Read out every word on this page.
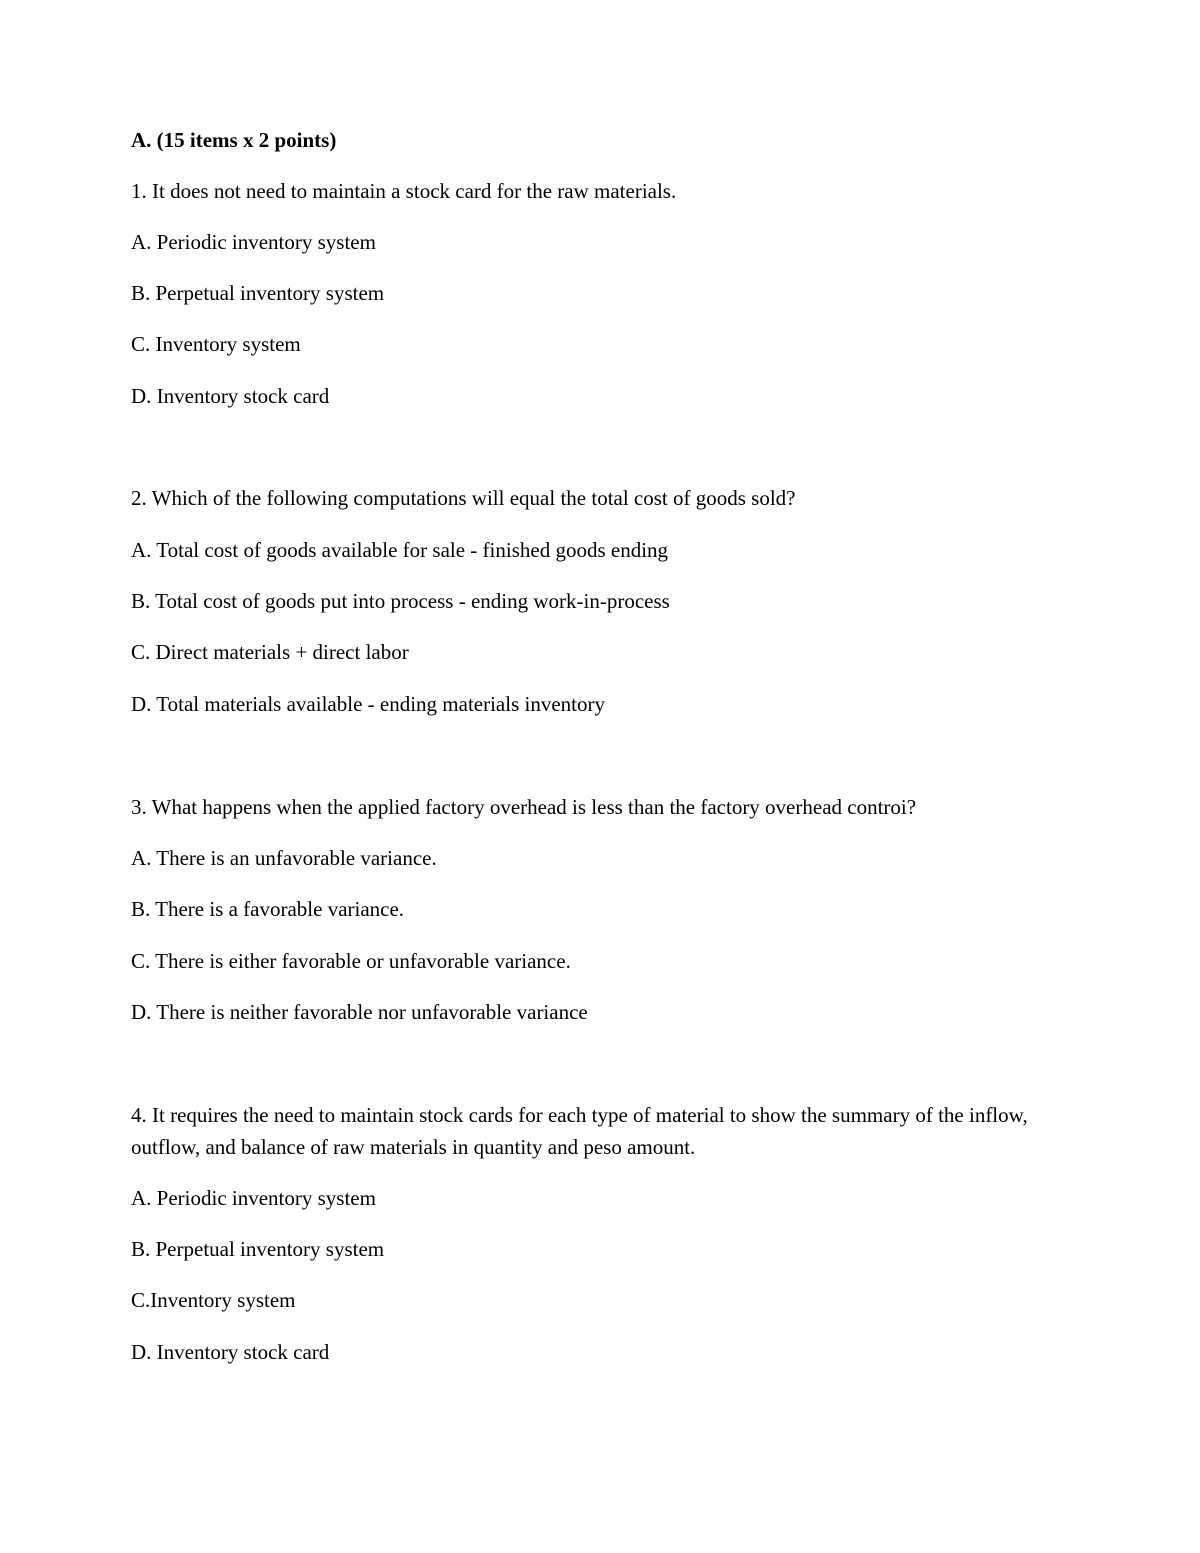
A. (15 items x 2 points)
1. It does not need to maintain a stock card for the raw materials.
A. Periodic inventory system
B. Perpetual inventory system
C. Inventory system
D. Inventory stock card
2. Which of the following computations will equal the total cost of goods sold?
A. Total cost of goods available for sale - finished goods ending
B. Total cost of goods put into process - ending work-in-process
C. Direct materials + direct labor
D. Total materials available - ending materials inventory
3. What happens when the applied factory overhead is less than the factory overhead controi?
A. There is an unfavorable variance.
B. There is a favorable variance.
C. There is either favorable or unfavorable variance.
D. There is neither favorable nor unfavorable variance
4. It requires the need to maintain stock cards for each type of material to show the summary of the inflow, outflow, and balance of raw materials in quantity and peso amount.
A. Periodic inventory system
B. Perpetual inventory system
C.Inventory system
D. Inventory stock card
